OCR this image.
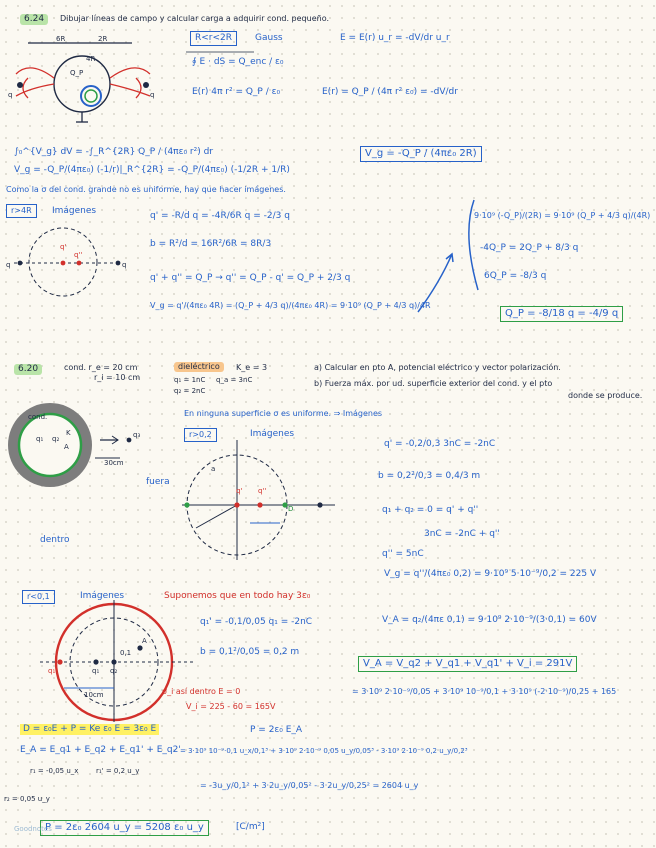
6.24	Dibujar líneas de campo y calcular carga a adquirir cond. pequeño.
R<r<2R	Gauss	E = E(r) u_r = -dV/dr u_r
∮ E · dS = Q_enc / ε₀
E(r) 4π r² = Q_P / ε₀	E(r) = Q_P / (4π r² ε₀) = -dV/dr
∫₀^{V_g} dV = -∫_R^{2R} Q_P / (4πε₀ r²) dr
V_g = -Q_P/(4πε₀) (-1/r)|_R^{2R} = -Q_P/(4πε₀) (-1/2R + 1/R)
V_g = -Q_P / (4πε₀ 2R)
Como la σ del cond. grande no es uniforme, hay que hacer imágenes.
r>4R	Imágenes	q' = -R/d q = -4R/6R q = -2/3 q
b = R²/d = 16R²/6R = 8R/3
q' + q'' = Q_P → q'' = Q_P - q' = Q_P + 2/3 q
V_g = q'/(4πε₀ 4R) = (Q_P + 4/3 q)/(4πε₀ 4R) = 9·10⁹ (Q_P + 4/3 q)/4R
9·10⁹ (-Q_P)/(2R) = 9·10⁹ (Q_P + 4/3 q)/(4R)
-4Q_P = 2Q_P + 8/3 q
6Q_P = -8/3 q
Q_P = -8/18 q = -4/9 q
6.20	cond. r_e = 20 cm
r_i = 10 cm
dieléctrico	K_e = 3
q₁ = 1nC
q₂ = 2nC
q_a = 3nC
a) Calcular en pto A, potencial eléctrico y vector polarización.
b) Fuerza máx. por ud. superficie exterior del cond. y el pto
donde se produce.
En ninguna superficie σ es uniforme. ⇒ Imágenes
r>0,2	Imágenes
fuera
q' = -0,2/0,3 3nC = -2nC
b = 0,2²/0,3 = 0,4/3 m
q₁ + q₂ = 0 = q' + q''
3nC = -2nC + q''
q'' = 5nC
V_g = q''/(4πε₀ 0,2) = 9·10⁹ 5·10⁻⁹/0,2 = 225 V
dentro
r<0,1	Imágenes	Suponemos que en todo hay 3ε₀
q₁' = -0,1/0,05 q₁ = -2nC
b = 0,1²/0,05 = 0,2 m
V_A = q₂/(4πε 0,1) = 9·10⁹ 2·10⁻⁹/(3·0,1) = 60V
σ_i así dentro E = 0
V_i = 225 - 60 = 165V
V_A = V_q2 + V_q1 + V_q1' + V_i = 291V
= 3·10⁹ 2·10⁻⁹/0,05 + 3·10⁹ 10⁻⁹/0,1 + 3·10⁹ (-2·10⁻⁹)/0,25 + 165
D = ε₀E + P = Ke ε₀ E = 3ε₀ E	P = 2ε₀ E_A
E_A = E_q1 + E_q2 + E_q1' + E_q2' = 3·10⁹ 10⁻⁹·0,1 u_x/0,1³ + 3·10⁹ 2·10⁻⁹ 0,05 u_y/0,05³ - 3·10⁹ 2·10⁻⁹ 0,2 u_y/0,2³
r₁ = -0,05 u_x	r₁' = 0,2 u_y
r₂ = 0,05 u_y
= -3u_y/0,1² + 3·2u_y/0,05² - 3·2u_y/0,25² = 2604 u_y
P = 2ε₀ 2604 u_y = 5208 ε₀ u_y	[C/m²]
Goodnotes
6R	2R
Q_P
q	q
4R
q'
q''
q	q
cond.
q₁ q₂
A
K
30cm
q₃
a
q' q''
D
q₁'	q₁ q₂
A
0,1
10cm
